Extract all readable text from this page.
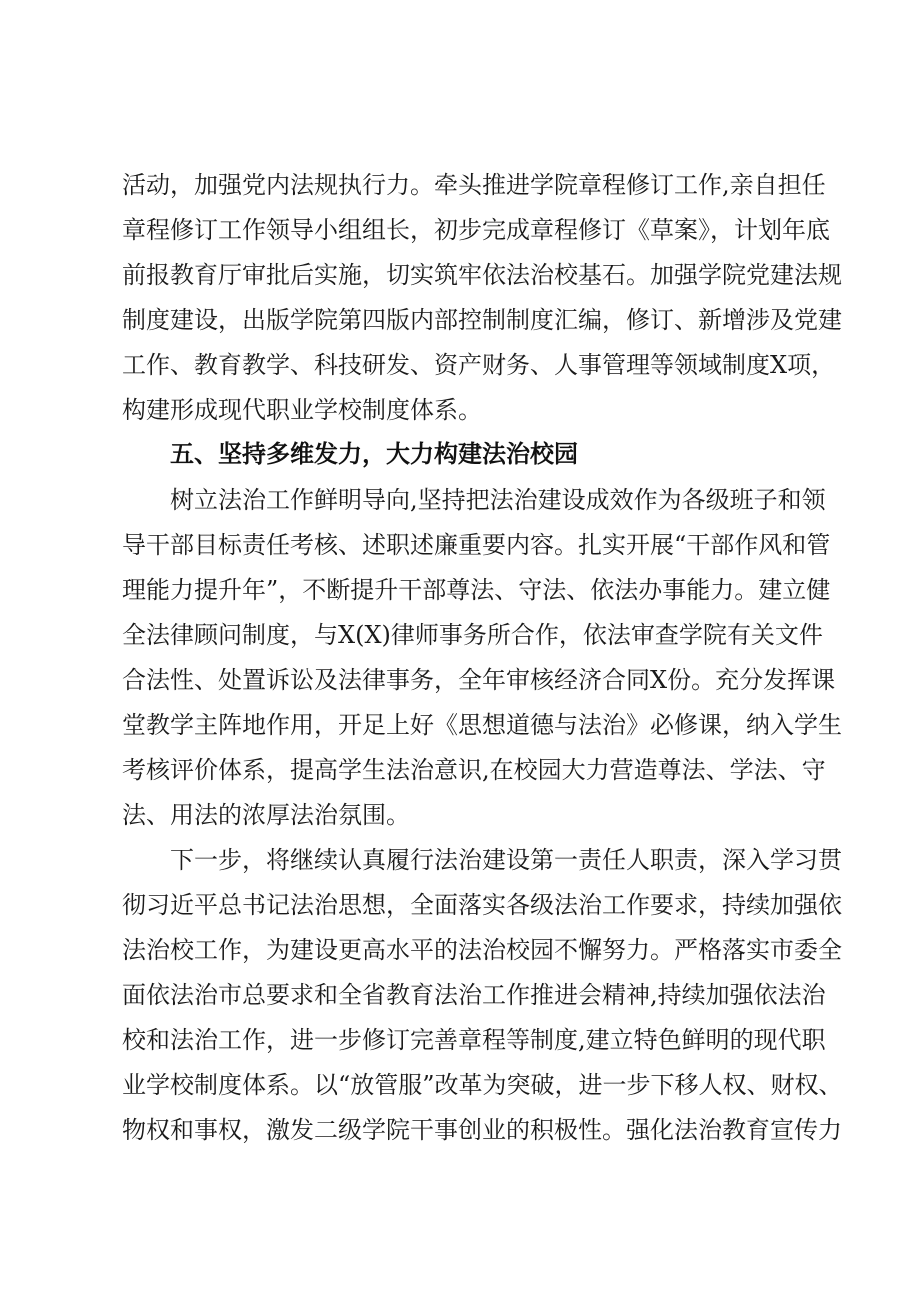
活动，加强党内法规执行力。牵头推进学院章程修订工作,亲自担任

章程修订工作领导小组组长，初步完成章程修订《草案》，计划年底

前报教育厅审批后实施，切实筑牢依法治校基石。加强学院党建法规

制度建设，出版学院第四版内部控制制度汇编，修订、新增涉及党建

工作、教育教学、科技研发、资产财务、人事管理等领域制度X项，

构建形成现代职业学校制度体系。

五、坚持多维发力，大力构建法治校园

树立法治工作鲜明导向,坚持把法治建设成效作为各级班子和领

导干部目标责任考核、述职述廉重要内容。扎实开展“干部作风和管

理能力提升年”，不断提升干部尊法、守法、依法办事能力。建立健

全法律顾问制度，与X(X)律师事务所合作，依法审查学院有关文件

合法性、处置诉讼及法律事务，全年审核经济合同X份。充分发挥课

堂教学主阵地作用，开足上好《思想道德与法治》必修课，纳入学生

考核评价体系，提高学生法治意识,在校园大力营造尊法、学法、守

法、用法的浓厚法治氛围。

下一步，将继续认真履行法治建设第一责任人职责，深入学习贯

彻习近平总书记法治思想，全面落实各级法治工作要求，持续加强依

法治校工作，为建设更高水平的法治校园不懈努力。严格落实市委全

面依法治市总要求和全省教育法治工作推进会精神,持续加强依法治

校和法治工作，进一步修订完善章程等制度,建立特色鲜明的现代职

业学校制度体系。以“放管服”改革为突破，进一步下移人权、财权、

物权和事权，激发二级学院干事创业的积极性。强化法治教育宣传力
